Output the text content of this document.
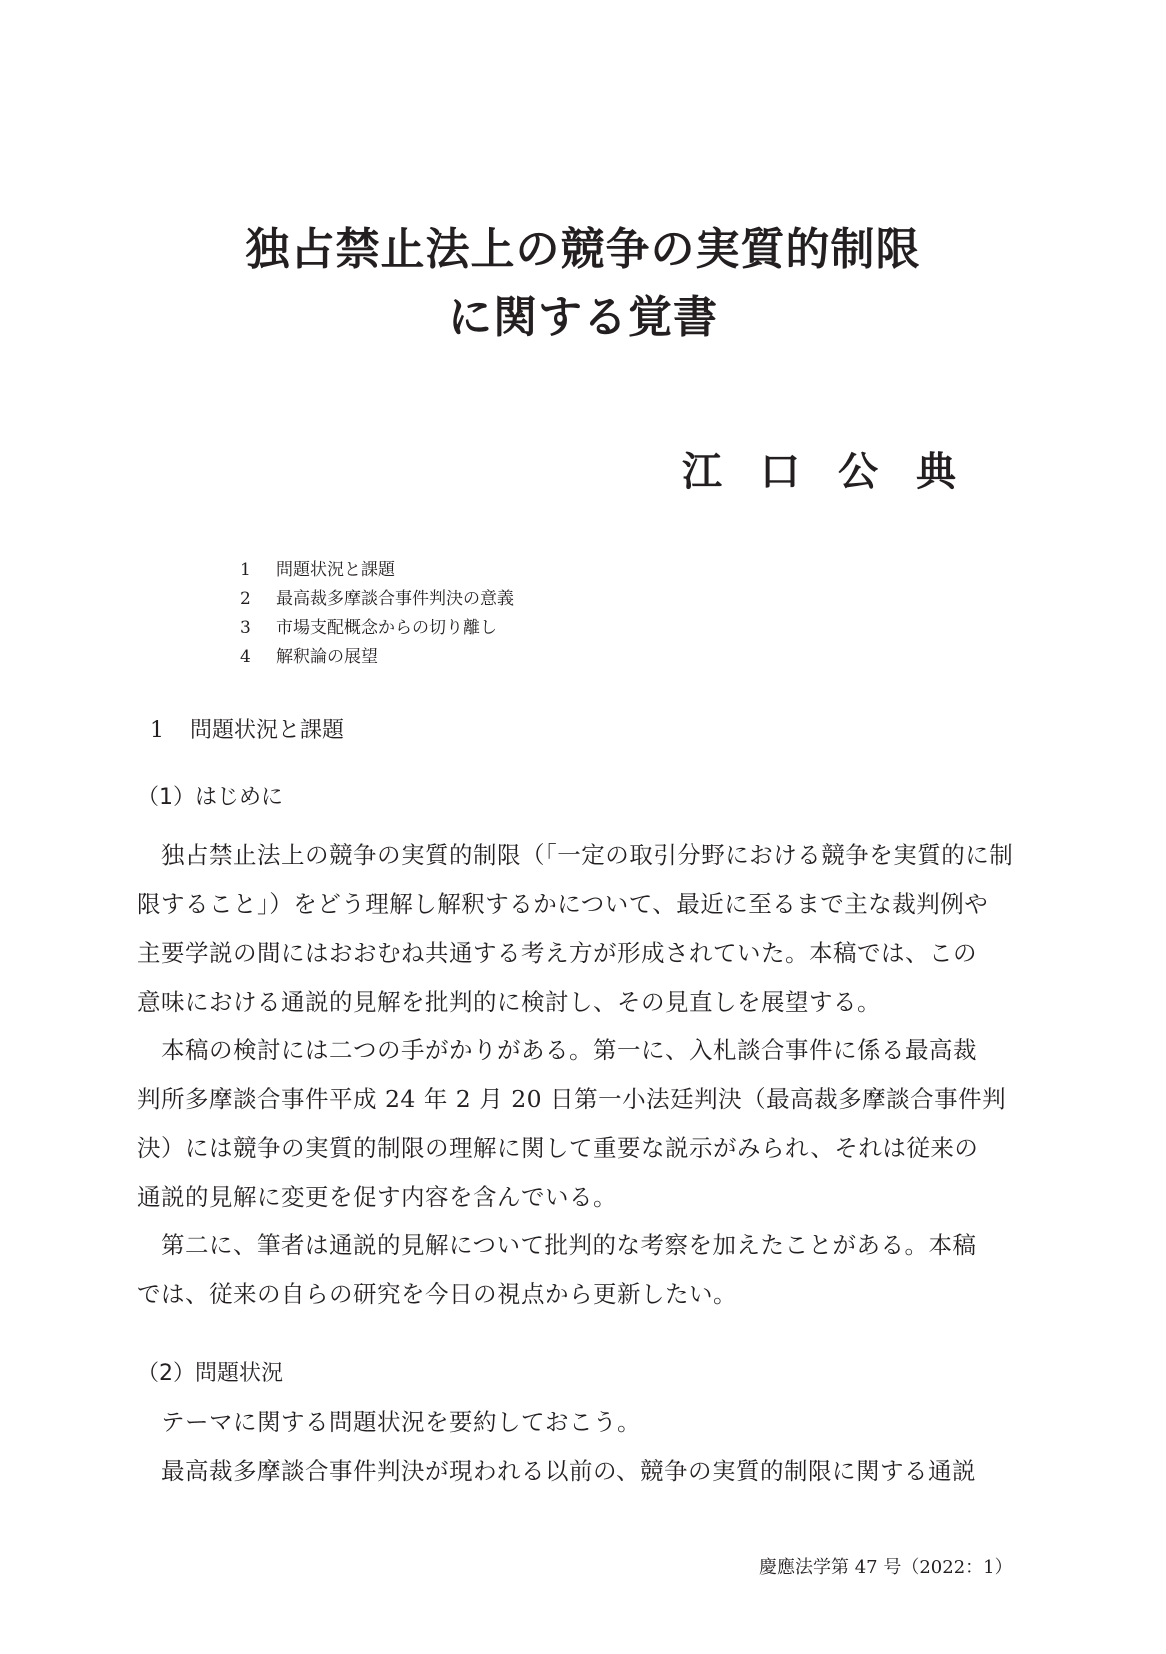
独占禁止法上の競争の実質的制限
に関する覚書
江口公典
1 問題状況と課題
2 最高裁多摩談合事件判決の意義
3 市場支配概念からの切り離し
4 解釈論の展望
1 問題状況と課題
（1）はじめに
　独占禁止法上の競争の実質的制限（「一定の取引分野における競争を実質的に制
限すること」）をどう理解し解釈するかについて、最近に至るまで主な裁判例や
主要学説の間にはおおむね共通する考え方が形成されていた。本稿では、この
意味における通説的見解を批判的に検討し、その見直しを展望する。
　本稿の検討には二つの手がかりがある。第一に、入札談合事件に係る最高裁
判所多摩談合事件平成 24 年 2 月 20 日第一小法廷判決（最高裁多摩談合事件判
決）には競争の実質的制限の理解に関して重要な説示がみられ、それは従来の
通説的見解に変更を促す内容を含んでいる。
　第二に、筆者は通説的見解について批判的な考察を加えたことがある。本稿
では、従来の自らの研究を今日の視点から更新したい。
（2）問題状況
　テーマに関する問題状況を要約しておこう。
　最高裁多摩談合事件判決が現われる以前の、競争の実質的制限に関する通説
慶應法学第 47 号（2022：1）
